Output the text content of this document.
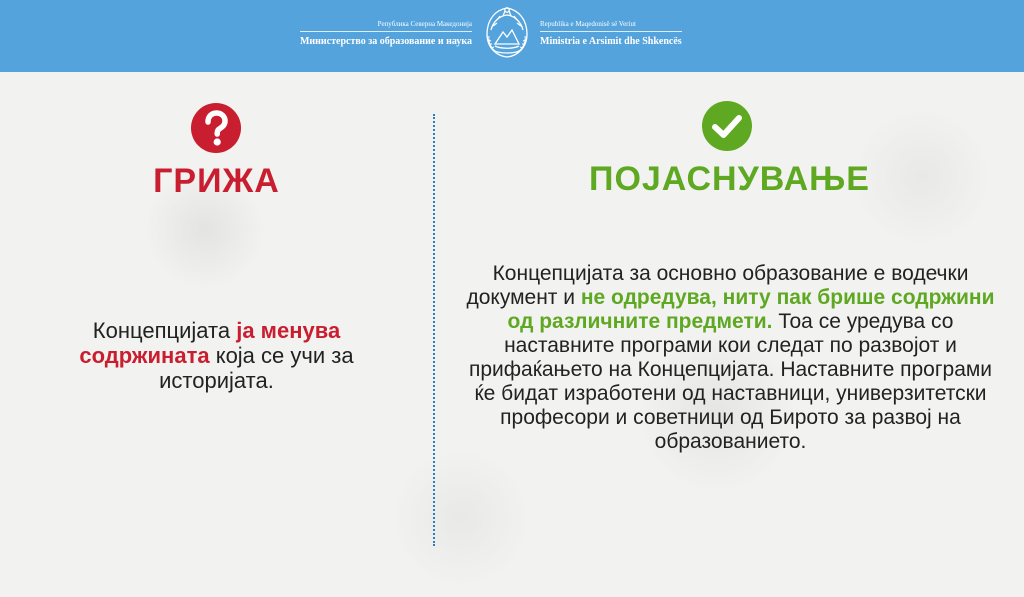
Република Северна Македонија
Министерство за образование и наука
Republika e Maqedonisë së Veriut
Ministria e Arsimit dhe Shkencës
ГРИЖА
Концепцијата ја менува содржината која се учи за историјата.
ПОЈАСНУВАЊЕ
Концепцијата за основно образование е водечки документ и не одредува, ниту пак брише содржини од различните предмети. Тоа се уредува со наставните програми кои следат по развојот и прифаќањето на Концепцијата. Наставните програми ќе бидат изработени од наставници, универзитетски професори и советници од Бирото за развој на образованието.
